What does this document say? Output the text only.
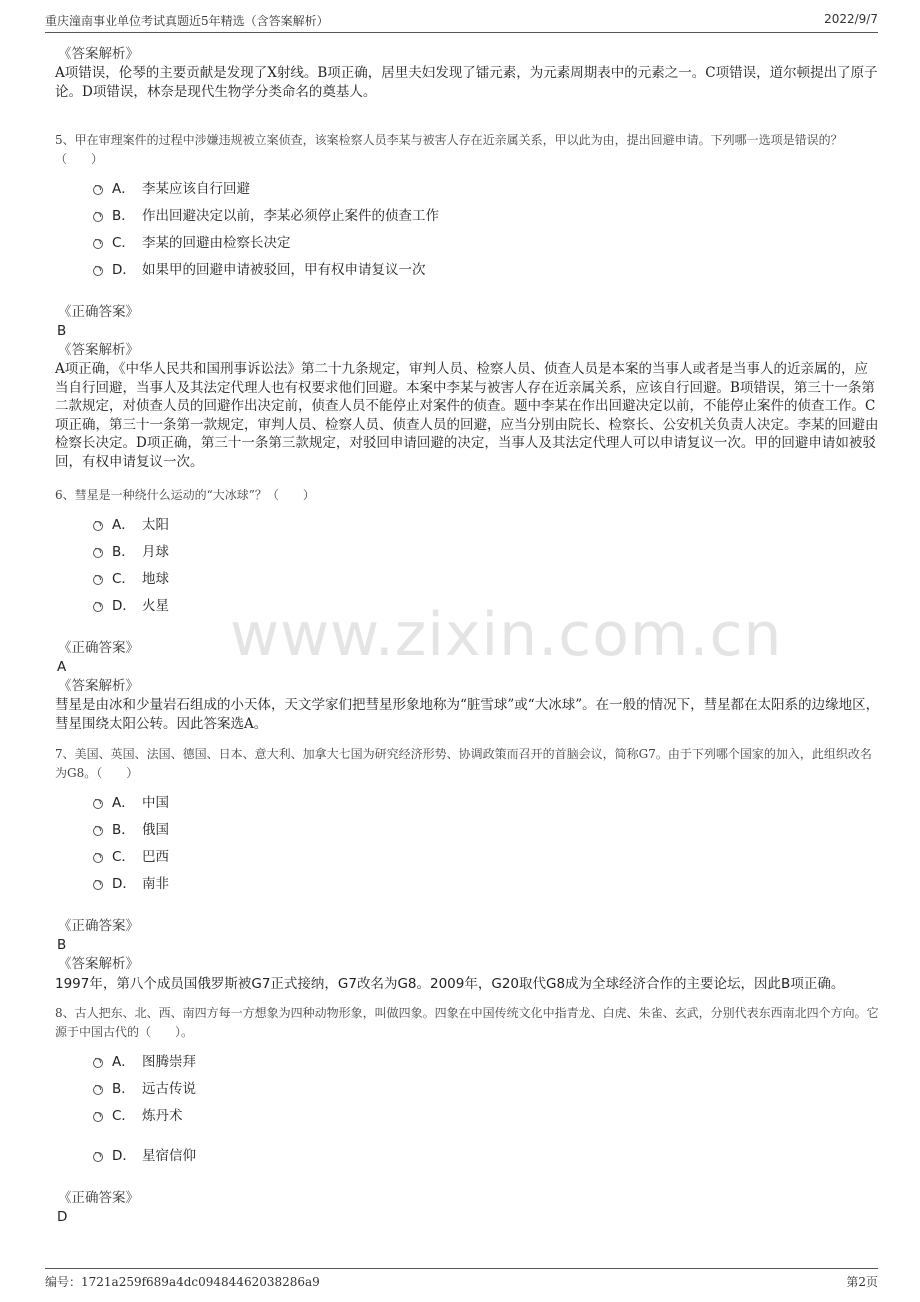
重庆潼南事业单位考试真题近5年精选（含答案解析）	2022/9/7
www.zixin.com.cn
《答案解析》
A项错误，伦琴的主要贡献是发现了X射线。B项正确，居里夫妇发现了镭元素，为元素周期表中的元素之一。C项错误，道尔顿提出了原子论。D项错误，林奈是现代生物学分类命名的奠基人。
5、甲在审理案件的过程中涉嫌违规被立案侦查，该案检察人员李某与被害人存在近亲属关系，甲以此为由，提出回避申请。下列哪一选项是错误的？（　　）
A． 李某应该自行回避
B． 作出回避决定以前，李某必须停止案件的侦查工作
C． 李某的回避由检察长决定
D． 如果甲的回避申请被驳回，甲有权申请复议一次
《正确答案》
B
《答案解析》
A项正确，《中华人民共和国刑事诉讼法》第二十九条规定，审判人员、检察人员、侦查人员是本案的当事人或者是当事人的近亲属的，应当自行回避，当事人及其法定代理人也有权要求他们回避。本案中李某与被害人存在近亲属关系，应该自行回避。B项错误，第三十一条第二款规定，对侦查人员的回避作出决定前，侦查人员不能停止对案件的侦查。题中李某在作出回避决定以前，不能停止案件的侦查工作。C项正确，第三十一条第一款规定，审判人员、检察人员、侦查人员的回避，应当分别由院长、检察长、公安机关负责人决定。李某的回避由检察长决定。D项正确，第三十一条第三款规定，对驳回申请回避的决定，当事人及其法定代理人可以申请复议一次。甲的回避申请如被驳回，有权申请复议一次。
6、彗星是一种绕什么运动的“大冰球”？（　　）
A． 太阳
B． 月球
C． 地球
D． 火星
《正确答案》
A
《答案解析》
彗星是由冰和少量岩石组成的小天体，天文学家们把彗星形象地称为“脏雪球”或“大冰球”。在一般的情况下，彗星都在太阳系的边缘地区，彗星围绕太阳公转。因此答案选A。
7、美国、英国、法国、德国、日本、意大利、加拿大七国为研究经济形势、协调政策而召开的首脑会议，简称G7。由于下列哪个国家的加入，此组织改名为G8。（　　）
A． 中国
B． 俄国
C． 巴西
D． 南非
《正确答案》
B
《答案解析》
1997年，第八个成员国俄罗斯被G7正式接纳，G7改名为G8。2009年，G20取代G8成为全球经济合作的主要论坛，因此B项正确。
8、古人把东、北、西、南四方每一方想象为四种动物形象，叫做四象。四象在中国传统文化中指青龙、白虎、朱雀、玄武，分别代表东西南北四个方向。它源于中国古代的（　　）。
A． 图腾崇拜
B． 远古传说
C． 炼丹术
D． 星宿信仰
《正确答案》
D
编号：1721a259f689a4dc09484462038286a9	第2页
